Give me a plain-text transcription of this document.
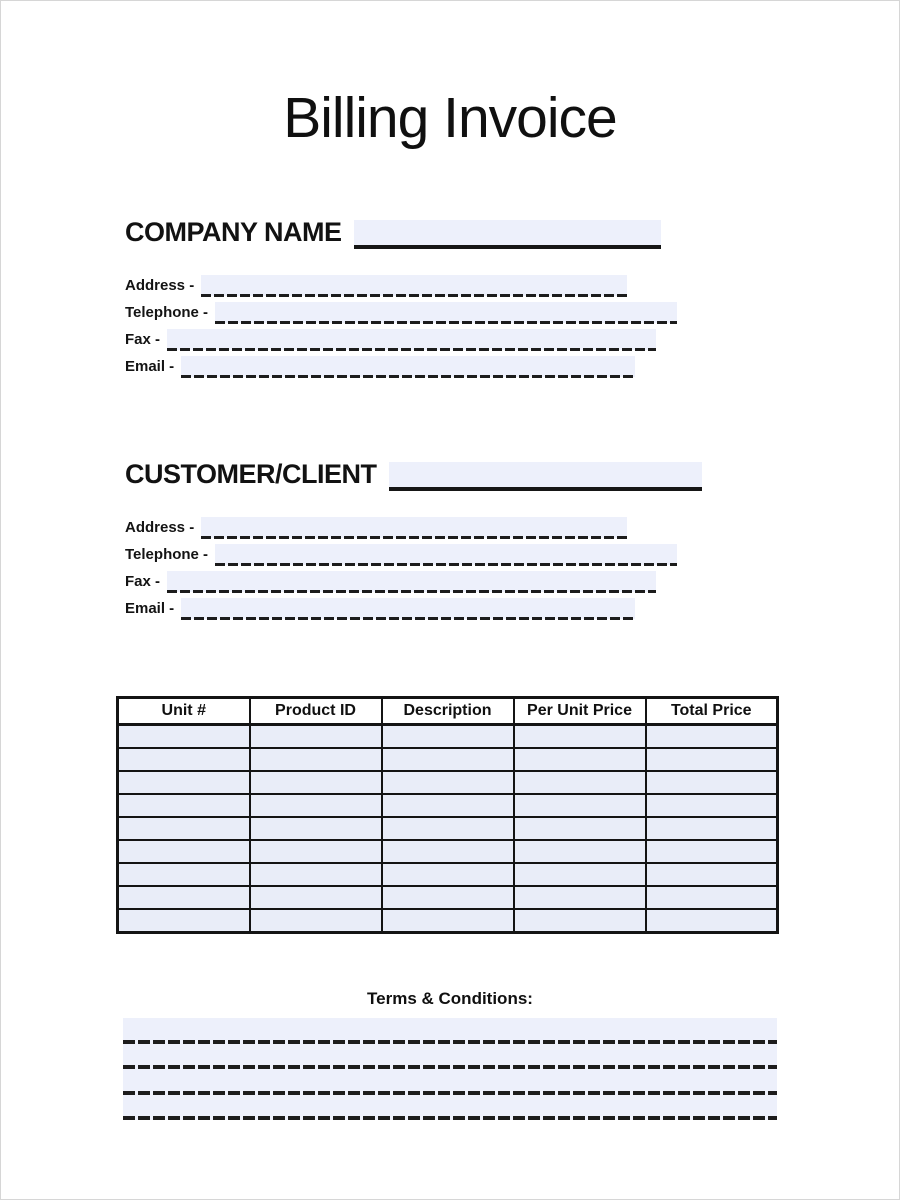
Billing Invoice
COMPANY NAME
Address -
Telephone -
Fax -
Email -
CUSTOMER/CLIENT
Address -
Telephone -
Fax -
Email -
Unit #	Product ID	Description	Per Unit Price	Total Price

Terms & Conditions:
